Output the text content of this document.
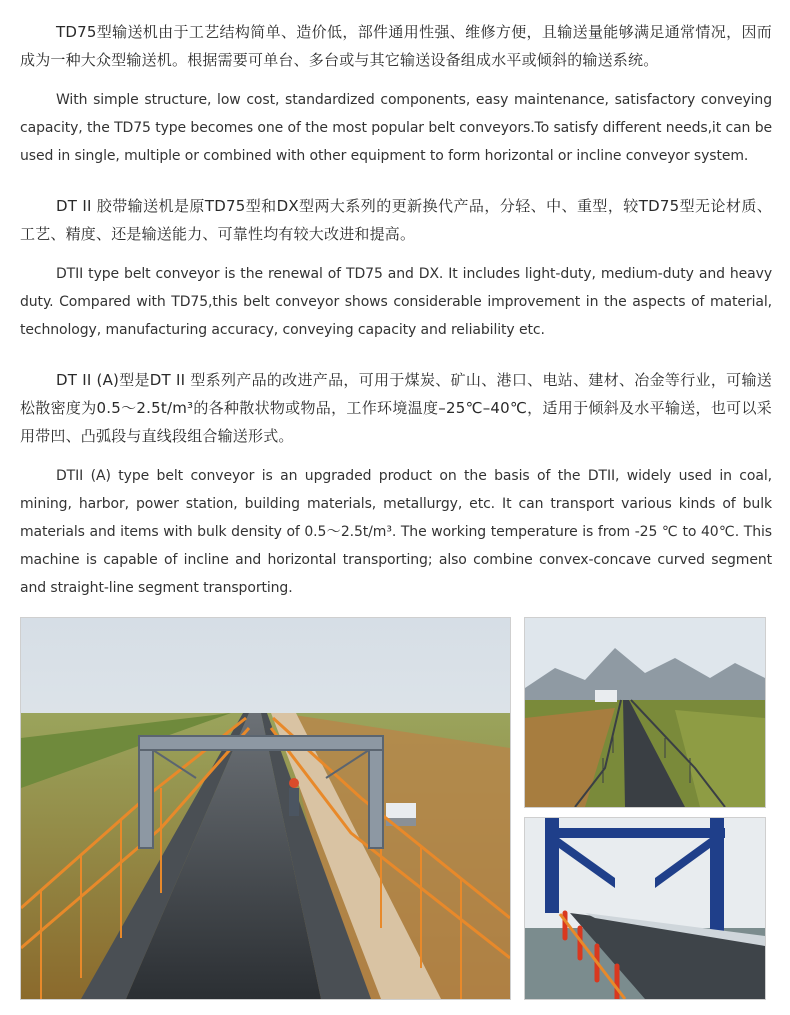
TD75型输送机由于工艺结构简单、造价低，部件通用性强、维修方便，且输送量能够满足通常情况，因而成为一种大众型输送机。根据需要可单台、多台或与其它输送设备组成水平或倾斜的输送系统。

With simple structure, low cost, standardized components, easy maintenance, satisfactory conveying capacity, the TD75 type becomes one of the most popular belt conveyors.To satisfy different needs,it can be used in single, multiple or combined with other equipment to form horizontal or incline conveyor system.

DT II 胶带输送机是原TD75型和DX型两大系列的更新换代产品，分轻、中、重型，较TD75型无论材质、工艺、精度、还是输送能力、可靠性均有较大改进和提高。

DTII type belt conveyor is the renewal of TD75 and DX. It includes light-duty, medium-duty and heavy duty. Compared with TD75,this belt conveyor shows considerable improvement in the aspects of material, technology, manufacturing accuracy, conveying capacity and reliability etc.

DT II (A)型是DT II 型系列产品的改进产品，可用于煤炭、矿山、港口、电站、建材、冶金等行业，可输送松散密度为0.5～2.5t/m³的各种散状物或物品，工作环境温度–25℃–40℃，适用于倾斜及水平输送，也可以采用带凹、凸弧段与直线段组合输送形式。

DTII (A) type belt conveyor is an upgraded product on the basis of the DTII, widely used in coal, mining, harbor, power station, building materials, metallurgy, etc. It can transport various kinds of bulk materials and items with bulk density of 0.5～2.5t/m³. The working temperature is from -25 ℃ to 40℃. This machine is capable of incline and horizontal transporting; also combine convex-concave curved segment and straight-line segment transporting.
